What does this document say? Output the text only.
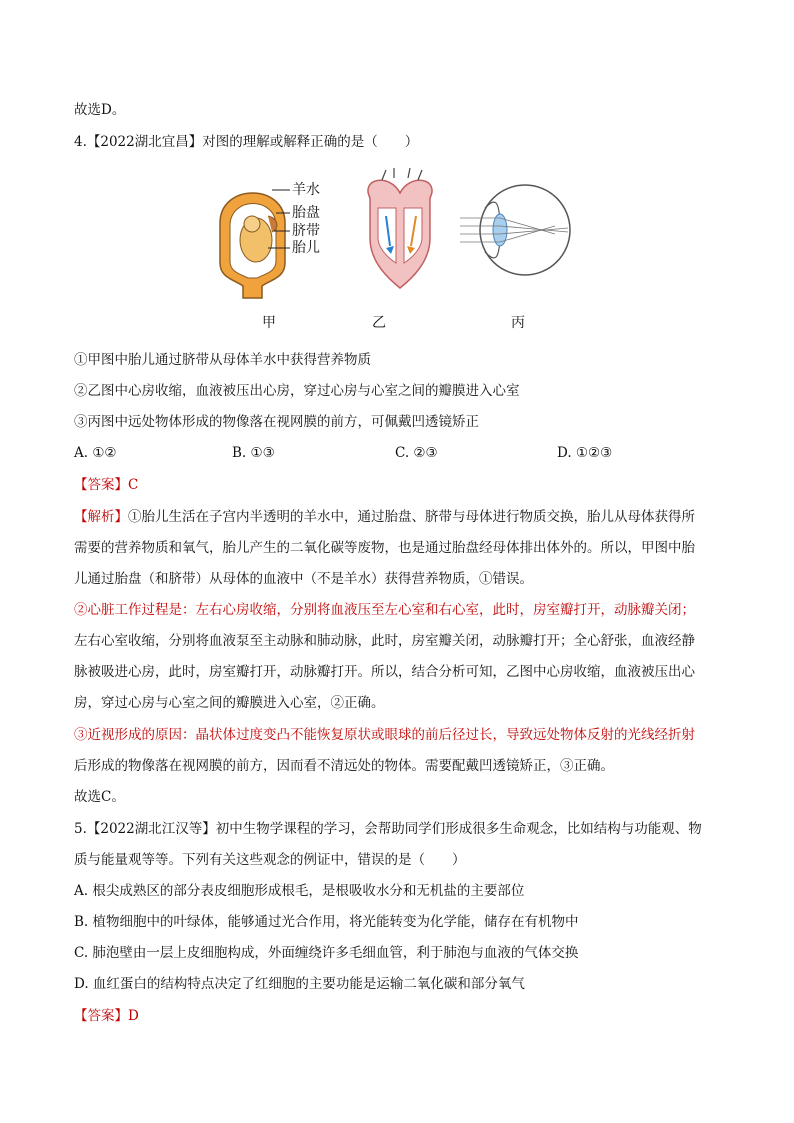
故选D。
4.【2022湖北宜昌】对图的理解或解释正确的是（　　）
羊水
胎盘
脐带
胎儿
甲	乙	丙
①甲图中胎儿通过脐带从母体羊水中获得营养物质
②乙图中心房收缩，血液被压出心房，穿过心房与心室之间的瓣膜进入心室
③丙图中远处物体形成的物像落在视网膜的前方，可佩戴凹透镜矫正
A. ①②	B. ①③	C. ②③	D. ①②③
【答案】C
【解析】①胎儿生活在子宫内半透明的羊水中，通过胎盘、脐带与母体进行物质交换，胎儿从母体获得所
需要的营养物质和氧气，胎儿产生的二氧化碳等废物，也是通过胎盘经母体排出体外的。所以，甲图中胎
儿通过胎盘（和脐带）从母体的血液中（不是羊水）获得营养物质，①错误。
②心脏工作过程是：左右心房收缩，分别将血液压至左心室和右心室，此时，房室瓣打开，动脉瓣关闭；
左右心室收缩，分别将血液泵至主动脉和肺动脉，此时，房室瓣关闭，动脉瓣打开；全心舒张，血液经静
脉被吸进心房，此时，房室瓣打开，动脉瓣打开。所以，结合分析可知，乙图中心房收缩，血液被压出心
房，穿过心房与心室之间的瓣膜进入心室，②正确。
③近视形成的原因：晶状体过度变凸不能恢复原状或眼球的前后径过长，导致远处物体反射的光线经折射
后形成的物像落在视网膜的前方，因而看不清远处的物体。需要配戴凹透镜矫正，③正确。
故选C。
5.【2022湖北江汉等】初中生物学课程的学习，会帮助同学们形成很多生命观念，比如结构与功能观、物
质与能量观等等。下列有关这些观念的例证中，错误的是（　　）
A. 根尖成熟区的部分表皮细胞形成根毛，是根吸收水分和无机盐的主要部位
B. 植物细胞中的叶绿体，能够通过光合作用，将光能转变为化学能，储存在有机物中
C. 肺泡壁由一层上皮细胞构成，外面缠绕许多毛细血管，利于肺泡与血液的气体交换
D. 血红蛋白的结构特点决定了红细胞的主要功能是运输二氧化碳和部分氧气
【答案】D
